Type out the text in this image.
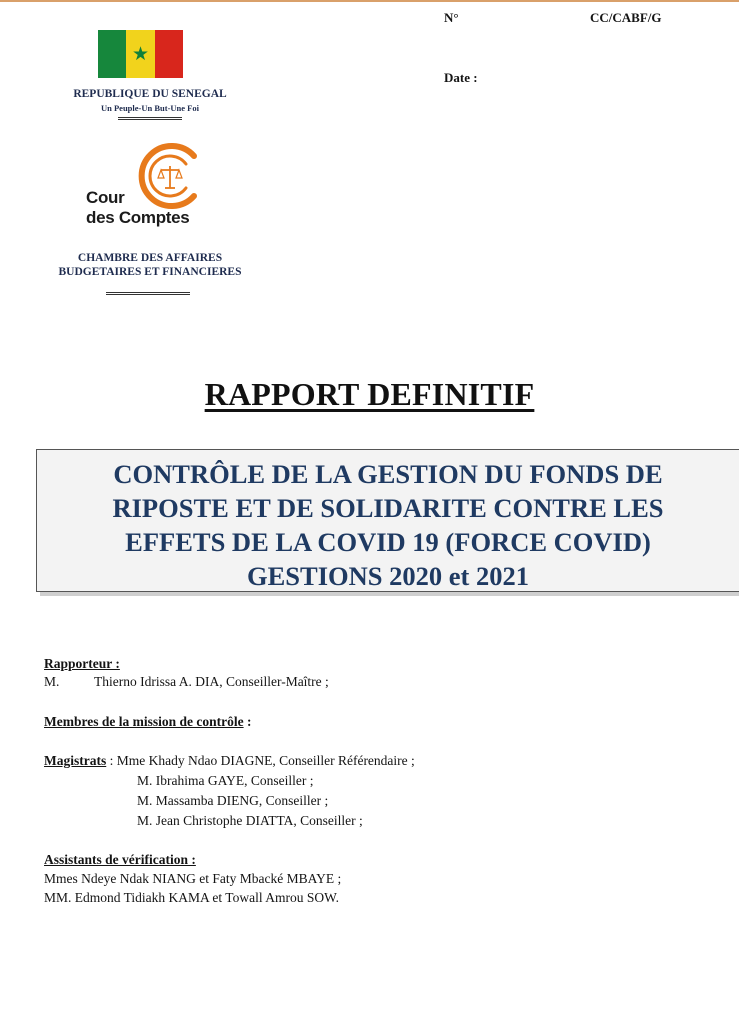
★
REPUBLIQUE DU SENEGAL
Un Peuple-Un But-Une Foi
Cour
des Comptes
CHAMBRE DES AFFAIRES
BUDGETAIRES ET FINANCIERES
N°	CC/CABF/G
Date :
RAPPORT DEFINITIF
CONTRÔLE DE LA GESTION DU FONDS DE
RIPOSTE ET DE SOLIDARITE CONTRE LES
EFFETS DE LA COVID 19 (FORCE COVID)
GESTIONS 2020 et 2021
Rapporteur :
M.	Thierno Idrissa A. DIA, Conseiller-Maître ;
Membres de la mission de contrôle :
Magistrats : Mme Khady Ndao DIAGNE, Conseiller Référendaire ;
M. Ibrahima GAYE, Conseiller ;
M. Massamba DIENG, Conseiller ;
M. Jean Christophe DIATTA, Conseiller ;
Assistants de vérification :
Mmes Ndeye Ndak NIANG et Faty Mbacké MBAYE ;
MM. Edmond Tidiakh KAMA et Towall Amrou SOW.
